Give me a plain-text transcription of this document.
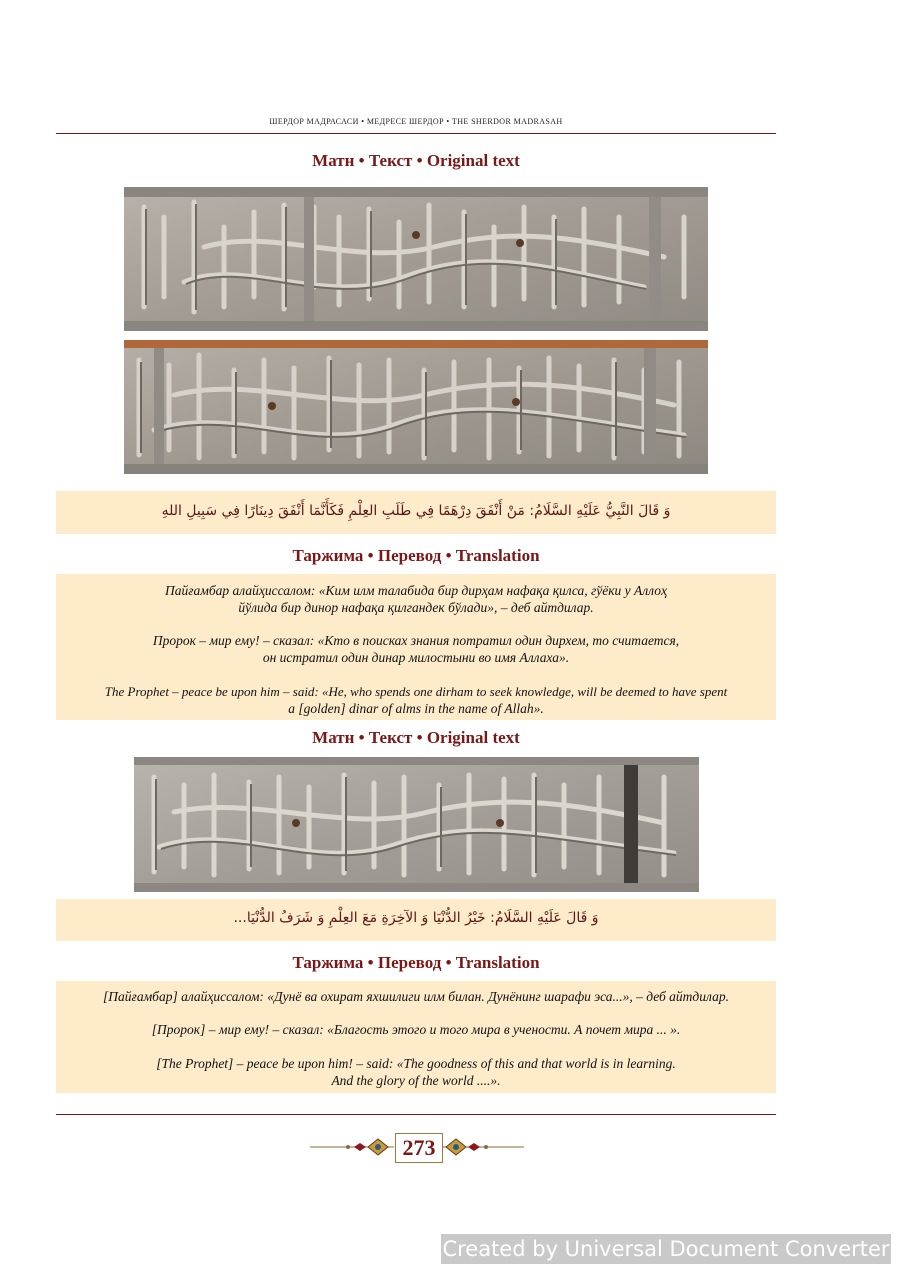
ШЕРДОР МАДРАСАСИ • МЕДРЕСЕ ШЕРДОР • THE SHERDOR MADRASAH
Матн • Текст • Original text
وَ قَالَ النَّبِيُّ عَلَيْهِ السَّلَامُ: مَنْ أَنْفَقَ دِرْهَمًا فِي طَلَبِ العِلْمِ فَكَأَنَّمَا أَنْفَقَ دِينَارًا فِي سَبِيلِ اللهِ
Таржима • Перевод • Translation
Пайғамбар алайҳиссалом: «Ким илм талабида бир дирҳам нафақа қилса, гўёки у Аллоҳ
йўлида бир динор нафақа қилгандек бўлади», – деб айтдилар.
Пророк – мир ему! – сказал: «Кто в поисках знания потратил один дирхем, то считается,
он истратил один динар милостыни во имя Аллаха».
The Prophet – peace be upon him – said: «He, who spends one dirham to seek knowledge, will be deemed to have spent
a [golden] dinar of alms in the name of Allah».
Матн • Текст • Original text
وَ قَالَ عَلَيْهِ السَّلَامُ: خَيْرُ الدُّنْيَا وَ الآخِرَةِ مَعَ العِلْمِ وَ شَرَفُ الدُّنْيَا...
Таржима • Перевод • Translation
[Пайғамбар] алайҳиссалом: «Дунё ва охират яхшилиги илм билан. Дунёнинг шарафи эса...», – деб айтдилар.
[Пророк] – мир ему! – сказал: «Благость этого и того мира в учености. А почет мира ... ».
[The Prophet] – peace be upon him! – said: «The goodness of this and that world is in learning.
And the glory of the world ....».
273
Created by Universal Document Converter
